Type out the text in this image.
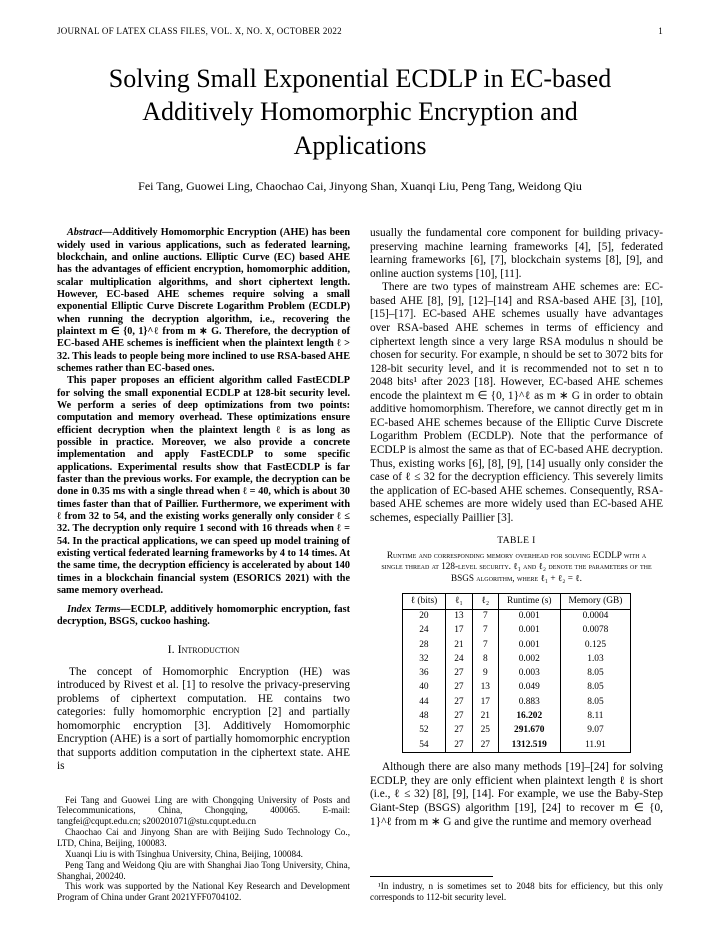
JOURNAL OF LATEX CLASS FILES, VOL. X, NO. X, OCTOBER 2022	1
Solving Small Exponential ECDLP in EC-based Additively Homomorphic Encryption and Applications
Fei Tang, Guowei Ling, Chaochao Cai, Jinyong Shan, Xuanqi Liu, Peng Tang, Weidong Qiu

Abstract—Additively Homomorphic Encryption (AHE) has been widely used in various applications, such as federated learning, blockchain, and online auctions. Elliptic Curve (EC) based AHE has the advantages of efficient encryption, homomorphic addition, scalar multiplication algorithms, and short ciphertext length. However, EC-based AHE schemes require solving a small exponential Elliptic Curve Discrete Logarithm Problem (ECDLP) when running the decryption algorithm, i.e., recovering the plaintext m ∈ {0, 1}^ℓ from m ∗ G. Therefore, the decryption of EC-based AHE schemes is inefficient when the plaintext length ℓ > 32. This leads to people being more inclined to use RSA-based AHE schemes rather than EC-based ones.

This paper proposes an efficient algorithm called FastECDLP for solving the small exponential ECDLP at 128-bit security level. We perform a series of deep optimizations from two points: computation and memory overhead. These optimizations ensure efficient decryption when the plaintext length ℓ is as long as possible in practice. Moreover, we also provide a concrete implementation and apply FastECDLP to some specific applications. Experimental results show that FastECDLP is far faster than the previous works. For example, the decryption can be done in 0.35 ms with a single thread when ℓ = 40, which is about 30 times faster than that of Paillier. Furthermore, we experiment with ℓ from 32 to 54, and the existing works generally only consider ℓ ≤ 32. The decryption only require 1 second with 16 threads when ℓ = 54. In the practical applications, we can speed up model training of existing vertical federated learning frameworks by 4 to 14 times. At the same time, the decryption efficiency is accelerated by about 140 times in a blockchain financial system (ESORICS 2021) with the same memory overhead.

Index Terms—ECDLP, additively homomorphic encryption, fast decryption, BSGS, cuckoo hashing.

I. Introduction

The concept of Homomorphic Encryption (HE) was introduced by Rivest et al. [1] to resolve the privacy-preserving problems of ciphertext computation. HE contains two categories: fully homomorphic encryption [2] and partially homomorphic encryption [3]. Additively Homomorphic Encryption (AHE) is a sort of partially homomorphic encryption that supports addition computation in the ciphertext state. AHE is

Fei Tang and Guowei Ling are with Chongqing University of Posts and Telecommunications, China, Chongqing, 400065. E-mail: tangfei@cqupt.edu.cn; s200201071@stu.cqupt.edu.cn

Chaochao Cai and Jinyong Shan are with Beijing Sudo Technology Co., LTD, China, Beijing, 100083.

Xuanqi Liu is with Tsinghua University, China, Beijing, 100084.

Peng Tang and Weidong Qiu are with Shanghai Jiao Tong University, China, Shanghai, 200240.

This work was supported by the National Key Research and Development Program of China under Grant 2021YFF0704102.

usually the fundamental core component for building privacy-preserving machine learning frameworks [4], [5], federated learning frameworks [6], [7], blockchain systems [8], [9], and online auction systems [10], [11].

There are two types of mainstream AHE schemes are: EC-based AHE [8], [9], [12]–[14] and RSA-based AHE [3], [10], [15]–[17]. EC-based AHE schemes usually have advantages over RSA-based AHE schemes in terms of efficiency and ciphertext length since a very large RSA modulus n should be chosen for security. For example, n should be set to 3072 bits for 128-bit security level, and it is recommended not to set n to 2048 bits¹ after 2023 [18]. However, EC-based AHE schemes encode the plaintext m ∈ {0, 1}^ℓ as m ∗ G in order to obtain additive homomorphism. Therefore, we cannot directly get m in EC-based AHE schemes because of the Elliptic Curve Discrete Logarithm Problem (ECDLP). Note that the performance of ECDLP is almost the same as that of EC-based AHE decryption. Thus, existing works [6], [8], [9], [14] usually only consider the case of ℓ ≤ 32 for the decryption efficiency. This severely limits the application of EC-based AHE schemes. Consequently, RSA-based AHE schemes are more widely used than EC-based AHE schemes, especially Paillier [3].

TABLE I

Runtime and corresponding memory overhead for solving ECDLP with a single thread at 128-level security. ℓ₁ and ℓ₂ denote the parameters of the BSGS algorithm, where ℓ₁ + ℓ₂ = ℓ.

ℓ (bits)	ℓ₁	ℓ₂	Runtime (s)	Memory (GB)
20	13	7	0.001	0.0004
24	17	7	0.001	0.0078
28	21	7	0.001	0.125
32	24	8	0.002	1.03
36	27	9	0.003	8.05
40	27	13	0.049	8.05
44	27	17	0.883	8.05
48	27	21	16.202	8.11
52	27	25	291.670	9.07
54	27	27	1312.519	11.91

Although there are also many methods [19]–[24] for solving ECDLP, they are only efficient when plaintext length ℓ is short (i.e., ℓ ≤ 32) [8], [9], [14]. For example, we use the Baby-Step Giant-Step (BSGS) algorithm [19], [24] to recover m ∈ {0, 1}^ℓ from m ∗ G and give the runtime and memory overhead

¹In industry, n is sometimes set to 2048 bits for efficiency, but this only corresponds to 112-bit security level.
